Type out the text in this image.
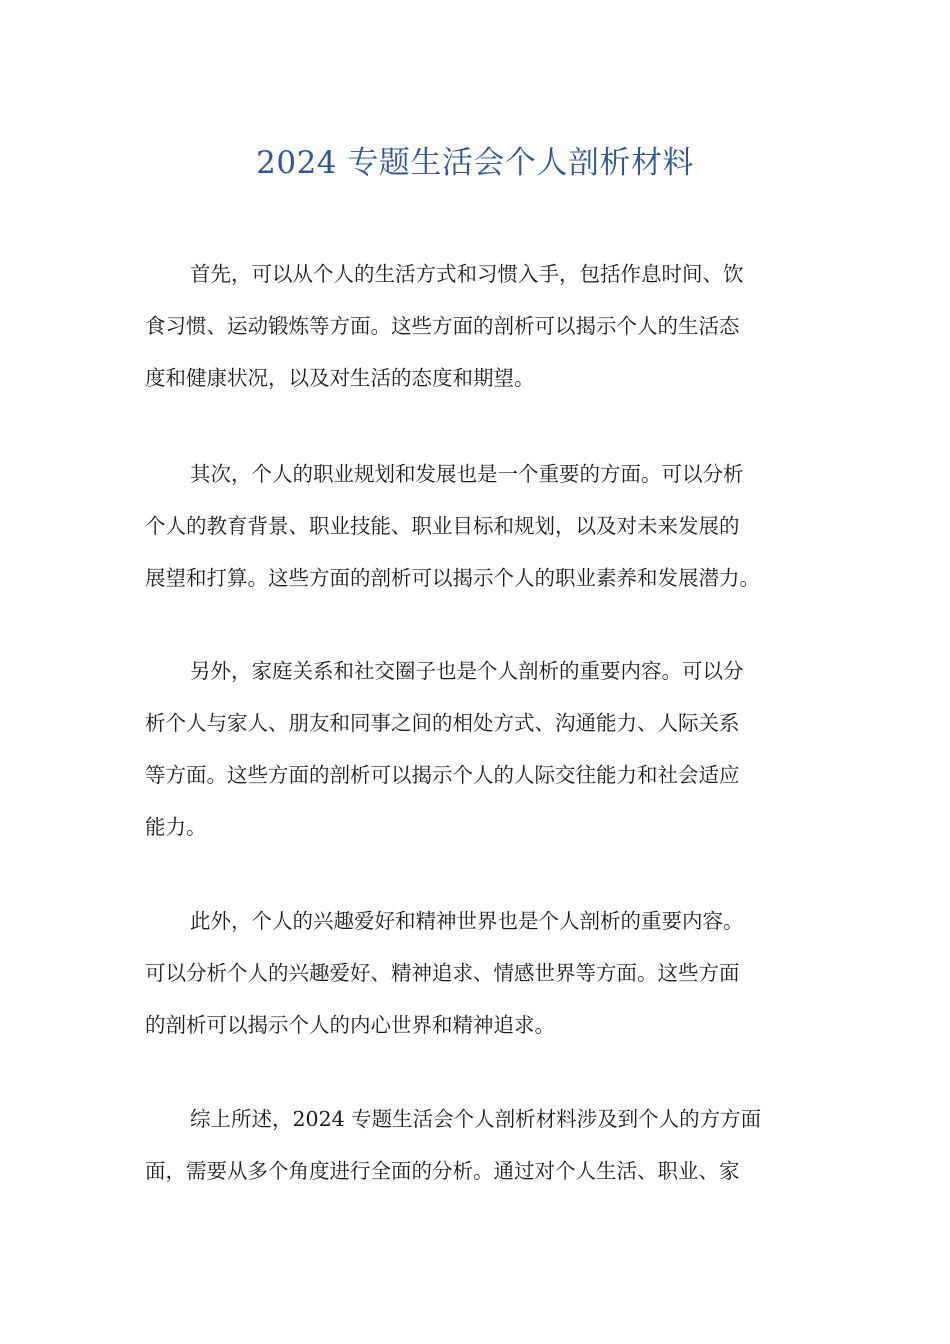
2024 专题生活会个人剖析材料

首先，可以从个人的生活方式和习惯入手，包括作息时间、饮
食习惯、运动锻炼等方面。这些方面的剖析可以揭示个人的生活态
度和健康状况，以及对生活的态度和期望。

其次，个人的职业规划和发展也是一个重要的方面。可以分析
个人的教育背景、职业技能、职业目标和规划，以及对未来发展的
展望和打算。这些方面的剖析可以揭示个人的职业素养和发展潜力。

另外，家庭关系和社交圈子也是个人剖析的重要内容。可以分
析个人与家人、朋友和同事之间的相处方式、沟通能力、人际关系
等方面。这些方面的剖析可以揭示个人的人际交往能力和社会适应
能力。

此外，个人的兴趣爱好和精神世界也是个人剖析的重要内容。
可以分析个人的兴趣爱好、精神追求、情感世界等方面。这些方面
的剖析可以揭示个人的内心世界和精神追求。

综上所述，2024 专题生活会个人剖析材料涉及到个人的方方面
面，需要从多个角度进行全面的分析。通过对个人生活、职业、家
